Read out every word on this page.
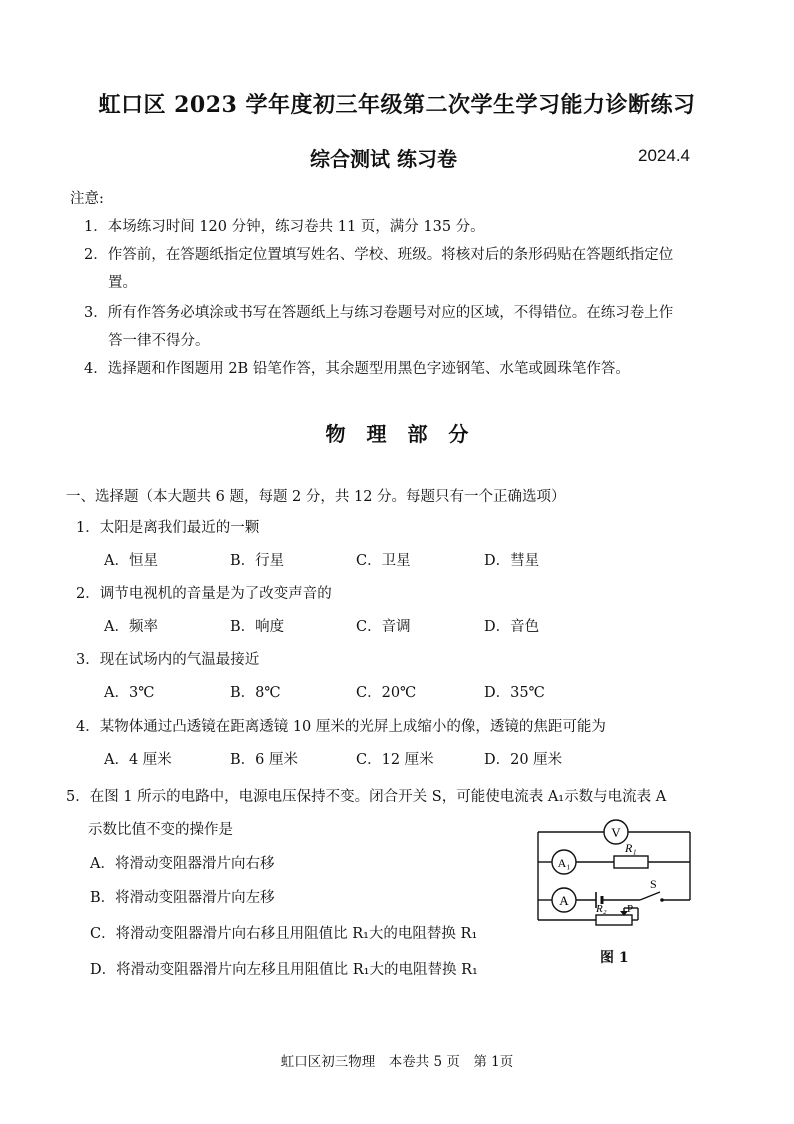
虹口区 2023 学年度初三年级第二次学生学习能力诊断练习
综合测试 练习卷	2024.4
注意:
1．本场练习时间 120 分钟，练习卷共 11 页，满分 135 分。
2．作答前，在答题纸指定位置填写姓名、学校、班级。将核对后的条形码贴在答题纸指定位
置。
3．所有作答务必填涂或书写在答题纸上与练习卷题号对应的区域，不得错位。在练习卷上作
答一律不得分。
4．选择题和作图题用 2B 铅笔作答，其余题型用黑色字迹钢笔、水笔或圆珠笔作答。
物 理 部 分
一、选择题（本大题共 6 题，每题 2 分，共 12 分。每题只有一个正确选项）
1．太阳是离我们最近的一颗
A．恒星	B．行星	C．卫星	D．彗星
2．调节电视机的音量是为了改变声音的
A．频率	B．响度	C．音调	D．音色
3．现在试场内的气温最接近
A．3℃	B．8℃	C．20℃	D．35℃
4．某物体通过凸透镜在距离透镜 10 厘米的光屏上成缩小的像，透镜的焦距可能为
A．4 厘米	B．6 厘米	C．12 厘米	D．20 厘米
5．在图 1 所示的电路中，电源电压保持不变。闭合开关 S，可能使电流表 A₁示数与电流表 A
示数比值不变的操作是
A．将滑动变阻器滑片向右移
B．将滑动变阻器滑片向左移
C．将滑动变阻器滑片向右移且用阻值比 R₁大的电阻替换 R₁
D．将滑动变阻器滑片向左移且用阻值比 R₁大的电阻替换 R₁
V
A₁
A
R₁
S
R₂ P
图 1
虹口区初三物理　本卷共 5 页　第 1页
